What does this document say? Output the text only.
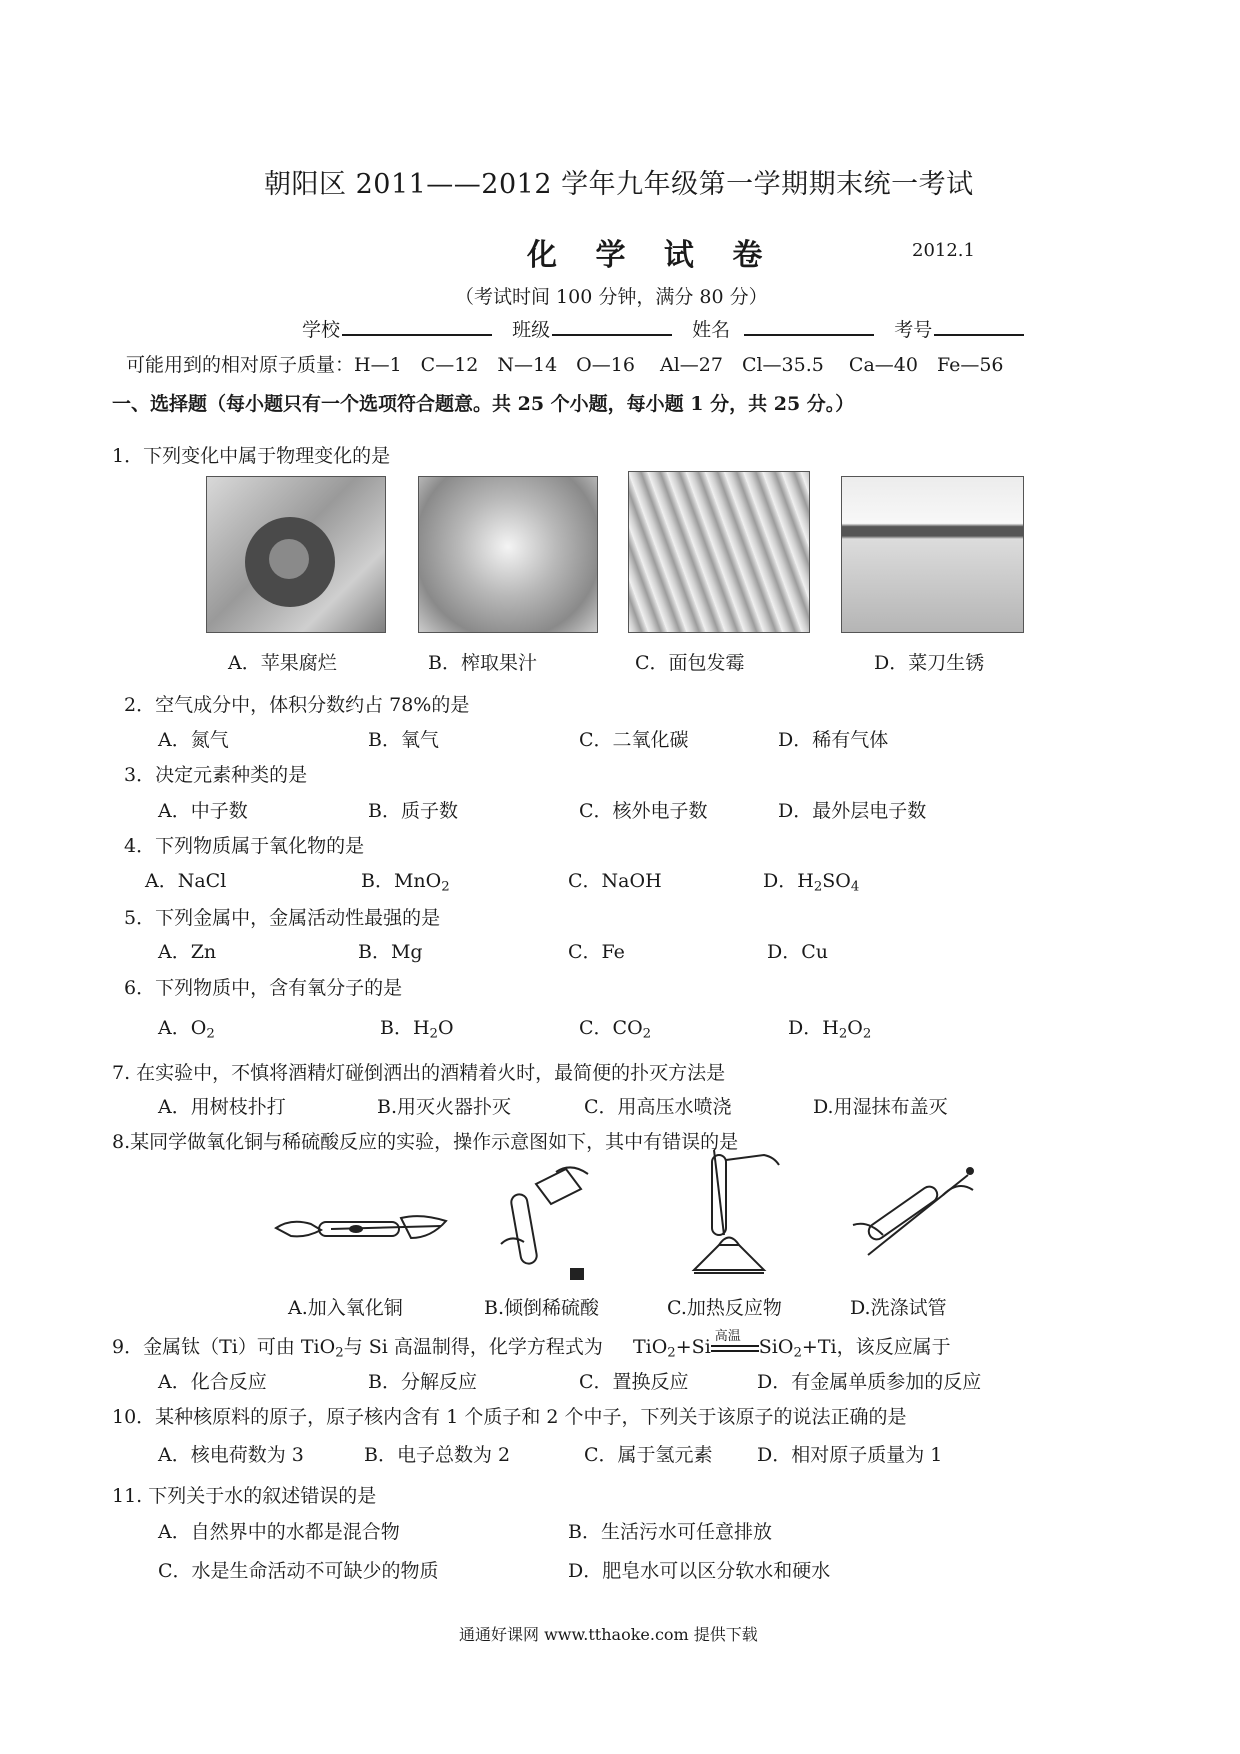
朝阳区 2011——2012 学年九年级第一学期期末统一考试
化 学 试 卷	2012.1
（考试时间 100 分钟，满分 80 分）
学校	班级	姓名	考号
可能用到的相对原子质量：H—1　C—12　N—14　O—16　 Al—27　Cl—35.5　 Ca—40　Fe—56
一、选择题（每小题只有一个选项符合题意。共 25 个小题，每小题 1 分，共 25 分。）
1．下列变化中属于物理变化的是
A．苹果腐烂	B．榨取果汁	C．面包发霉	D．菜刀生锈
2．空气成分中，体积分数约占 78%的是
A．氮气	B．氧气	C．二氧化碳	D．稀有气体
3．决定元素种类的是
A．中子数	B．质子数	C．核外电子数	D．最外层电子数
4．下列物质属于氧化物的是
A．NaCl	B．MnO$_2$	C．NaOH	D．$H_2SO_4$
5．下列金属中，金属活动性最强的是
A．Zn	B．Mg	C．Fe	D．Cu
6．下列物质中，含有氧分子的是
A．$O_2$	B．$H_2O$	C．$CO_2$	D．$H_2O_2$
7. 在实验中，不慎将酒精灯碰倒洒出的酒精着火时，最简便的扑灭方法是
A．用树枝扑打	B.用灭火器扑灭	C．用高压水喷浇	D.用湿抹布盖灭
8.某同学做氧化铜与稀硫酸反应的实验，操作示意图如下，其中有错误的是
A.加入氧化铜	B.倾倒稀硫酸	C.加热反应物	D.洗涤试管
9．金属钛（Ti）可由 TiO$_2$与 Si 高温制得，化学方程式为 TiO$_2$+Si 高温 SiO$_2$+Ti，该反应属于
A．化合反应	B．分解反应	C．置换反应	D．有金属单质参加的反应
10．某种核原料的原子，原子核内含有 1 个质子和 2 个中子，下列关于该原子的说法正确的是
A．核电荷数为 3	B．电子总数为 2	C．属于氢元素 D．相对原子质量为 1
11. 下列关于水的叙述错误的是
A．自然界中的水都是混合物	B．生活污水可任意排放
C．水是生命活动不可缺少的物质	D．肥皂水可以区分软水和硬水
通通好课网 www.tthaoke.com 提供下载
